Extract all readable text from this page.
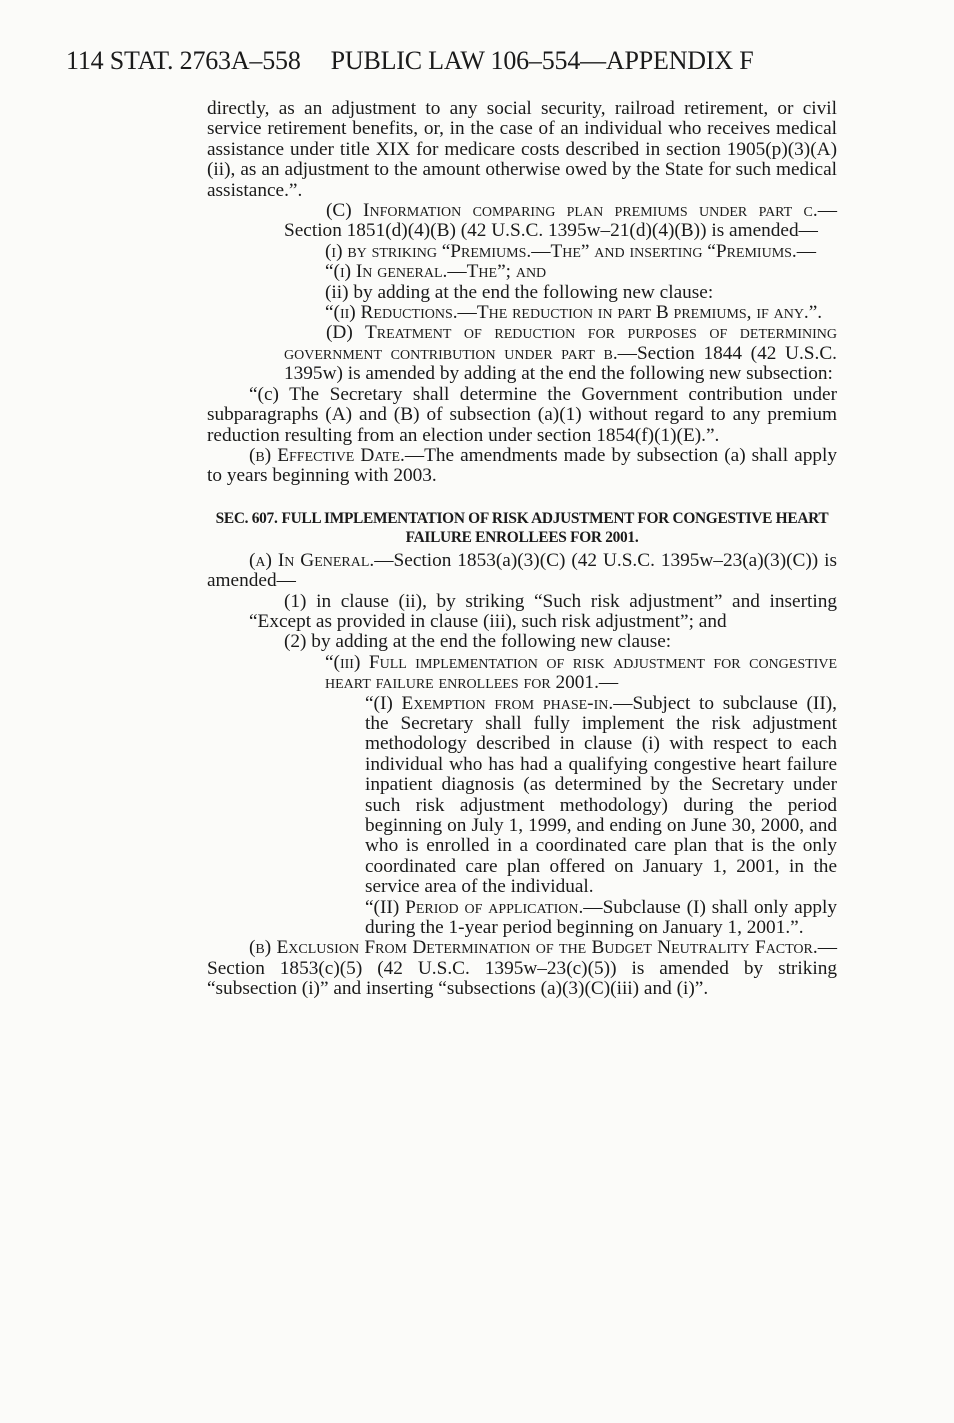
114 STAT. 2763A–558 PUBLIC LAW 106–554—APPENDIX F

directly, as an adjustment to any social security, railroad retirement, or civil service retirement benefits, or, in the case of an individual who receives medical assistance under title XIX for medicare costs described in section 1905(p)(3)(A)(ii), as an adjustment to the amount otherwise owed by the State for such medical assistance.”.

(C) Information comparing plan premiums under part c.—Section 1851(d)(4)(B) (42 U.S.C. 1395w–21(d)(4)(B)) is amended—

(i) by striking “Premiums.—The” and inserting “Premiums.—

“(i) In general.—The”; and

(ii) by adding at the end the following new clause:

“(ii) Reductions.—The reduction in part B premiums, if any.”.

(D) Treatment of reduction for purposes of determining government contribution under part b.—Section 1844 (42 U.S.C. 1395w) is amended by adding at the end the following new subsection:

“(c) The Secretary shall determine the Government contribution under subparagraphs (A) and (B) of subsection (a)(1) without regard to any premium reduction resulting from an election under section 1854(f)(1)(E).”.

(b) Effective Date.—The amendments made by subsection (a) shall apply to years beginning with 2003.

SEC. 607. FULL IMPLEMENTATION OF RISK ADJUSTMENT FOR CONGESTIVE HEART FAILURE ENROLLEES FOR 2001.

(a) In General.—Section 1853(a)(3)(C) (42 U.S.C. 1395w–23(a)(3)(C)) is amended—

(1) in clause (ii), by striking “Such risk adjustment” and inserting “Except as provided in clause (iii), such risk adjustment”; and

(2) by adding at the end the following new clause:

“(iii) Full implementation of risk adjustment for congestive heart failure enrollees for 2001.—

“(I) Exemption from phase-in.—Subject to subclause (II), the Secretary shall fully implement the risk adjustment methodology described in clause (i) with respect to each individual who has had a qualifying congestive heart failure inpatient diagnosis (as determined by the Secretary under such risk adjustment methodology) during the period beginning on July 1, 1999, and ending on June 30, 2000, and who is enrolled in a coordinated care plan that is the only coordinated care plan offered on January 1, 2001, in the service area of the individual.

“(II) Period of application.—Subclause (I) shall only apply during the 1-year period beginning on January 1, 2001.”.

(b) Exclusion From Determination of the Budget Neutrality Factor.—Section 1853(c)(5) (42 U.S.C. 1395w–23(c)(5)) is amended by striking “subsection (i)” and inserting “subsections (a)(3)(C)(iii) and (i)”.
